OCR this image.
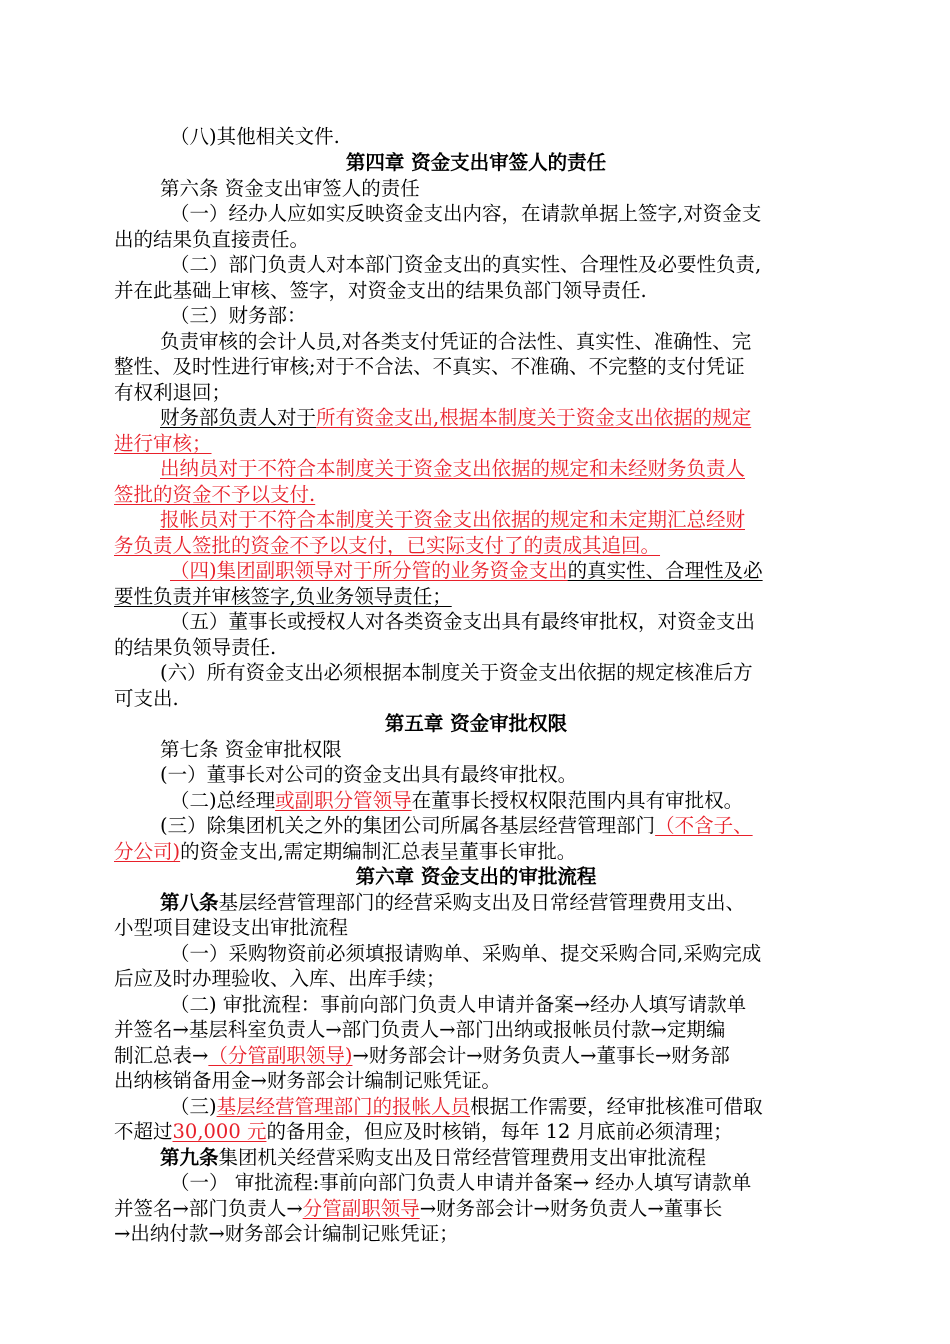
（八)其他相关文件.
第四章 资金支出审签人的责任
第六条 资金支出审签人的责任
（一）经办人应如实反映资金支出内容，在请款单据上签字,对资金支
出的结果负直接责任。
（二）部门负责人对本部门资金支出的真实性、合理性及必要性负责,
并在此基础上审核、签字，对资金支出的结果负部门领导责任.
（三）财务部：
负责审核的会计人员,对各类支付凭证的合法性、真实性、准确性、完
整性、及时性进行审核;对于不合法、不真实、不准确、不完整的支付凭证
有权利退回；
财务部负责人对于所有资金支出,根据本制度关于资金支出依据的规定
进行审核；
出纳员对于不符合本制度关于资金支出依据的规定和未经财务负责人
签批的资金不予以支付.
报帐员对于不符合本制度关于资金支出依据的规定和未定期汇总经财
务负责人签批的资金不予以支付，已实际支付了的责成其追回。
（四)集团副职领导对于所分管的业务资金支出的真实性、合理性及必
要性负责并审核签字,负业务领导责任；
（五）董事长或授权人对各类资金支出具有最终审批权，对资金支出
的结果负领导责任.
(六）所有资金支出必须根据本制度关于资金支出依据的规定核准后方
可支出.
第五章 资金审批权限
第七条 资金审批权限
(一）董事长对公司的资金支出具有最终审批权。
（二)总经理或副职分管领导在董事长授权权限范围内具有审批权。
(三）除集团机关之外的集团公司所属各基层经营管理部门（不含子、
分公司)的资金支出,需定期编制汇总表呈董事长审批。
第六章 资金支出的审批流程
第八条基层经营管理部门的经营采购支出及日常经营管理费用支出、
小型项目建设支出审批流程
（一）采购物资前必须填报请购单、采购单、提交采购合同,采购完成
后应及时办理验收、入库、出库手续；
（二) 审批流程：事前向部门负责人申请并备案→经办人填写请款单
并签名→基层科室负责人→部门负责人→部门出纳或报帐员付款→定期编
制汇总表→（分管副职领导)→财务部会计→财务负责人→董事长→财务部
出纳核销备用金→财务部会计编制记账凭证。
（三)基层经营管理部门的报帐人员根据工作需要，经审批核准可借取
不超过30,000 元的备用金，但应及时核销，每年 12 月底前必须清理；
第九条集团机关经营采购支出及日常经营管理费用支出审批流程
（一） 审批流程:事前向部门负责人申请并备案→ 经办人填写请款单
并签名→部门负责人→分管副职领导→财务部会计→财务负责人→董事长
→出纳付款→财务部会计编制记账凭证；
